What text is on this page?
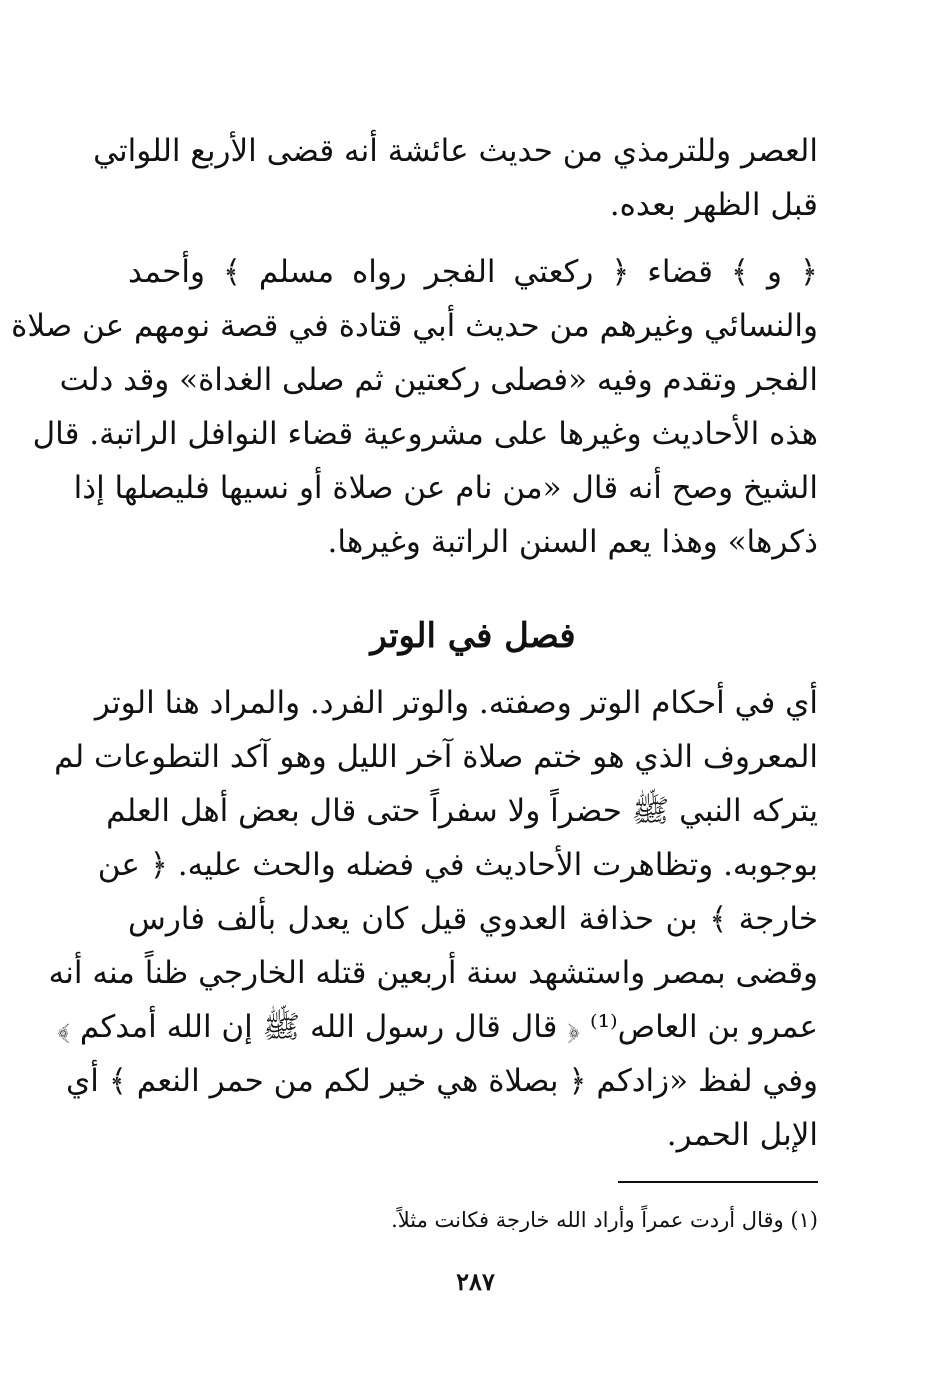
العصر وللترمذي من حديث عائشة أنه قضى الأربع اللواتي
قبل الظهر بعده.
﴿ و ﴾ قضاء ﴿ ركعتي الفجر رواه مسلم ﴾ وأحمد
والنسائي وغيرهم من حديث أبي قتادة في قصة نومهم عن صلاة
الفجر وتقدم وفيه «فصلى ركعتين ثم صلى الغداة» وقد دلت
هذه الأحاديث وغيرها على مشروعية قضاء النوافل الراتبة. قال
الشيخ وصح أنه قال «من نام عن صلاة أو نسيها فليصلها إذا
ذكرها» وهذا يعم السنن الراتبة وغيرها.
فصل في الوتر
أي في أحكام الوتر وصفته. والوتر الفرد. والمراد هنا الوتر
المعروف الذي هو ختم صلاة آخر الليل وهو آكد التطوعات لم
يتركه النبي ﷺ حضراً ولا سفراً حتى قال بعض أهل العلم
بوجوبه. وتظاهرت الأحاديث في فضله والحث عليه. ﴿ عن
خارجة ﴾ بن حذافة العدوي قيل كان يعدل بألف فارس
وقضى بمصر واستشهد سنة أربعين قتله الخارجي ظناً منه أنه
عمرو بن العاص⁽¹⁾ ﴿ قال قال رسول الله ﷺ إن الله أمدكم ﴾
وفي لفظ «زادكم ﴿ بصلاة هي خير لكم من حمر النعم ﴾ أي
الإبل الحمر.
(١) وقال أردت عمراً وأراد الله خارجة فكانت مثلاً.
٢٨٧
